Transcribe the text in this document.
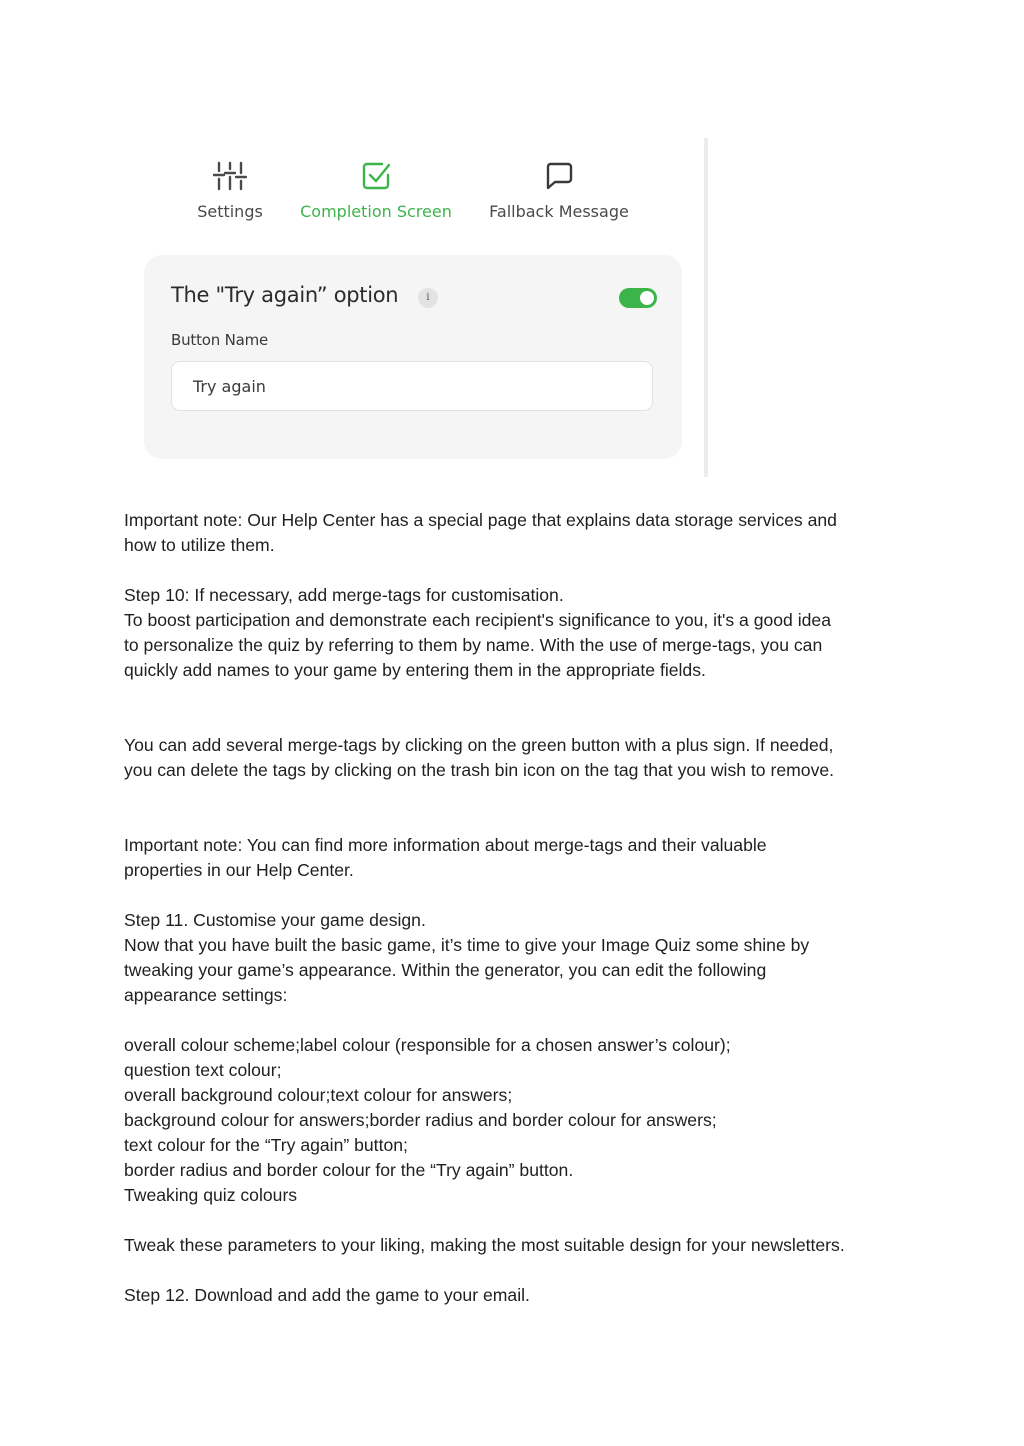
Settings	Completion Screen	Fallback Message
The "Try again” option	i
Button Name
Try again

Important note: Our Help Center has a special page that explains data storage services and

how to utilize them.

Step 10: If necessary, add merge-tags for customisation.

To boost participation and demonstrate each recipient's significance to you, it's a good idea

to personalize the quiz by referring to them by name. With the use of merge-tags, you can

quickly add names to your game by entering them in the appropriate fields.

You can add several merge-tags by clicking on the green button with a plus sign. If needed,

you can delete the tags by clicking on the trash bin icon on the tag that you wish to remove.

Important note: You can find more information about merge-tags and their valuable

properties in our Help Center.

Step 11. Customise your game design.

Now that you have built the basic game, it’s time to give your Image Quiz some shine by

tweaking your game’s appearance. Within the generator, you can edit the following

appearance settings:

overall colour scheme;label colour (responsible for a chosen answer’s colour);

question text colour;

overall background colour;text colour for answers;

background colour for answers;border radius and border colour for answers;

text colour for the “Try again” button;

border radius and border colour for the “Try again” button.

Tweaking quiz colours

Tweak these parameters to your liking, making the most suitable design for your newsletters.

Step 12. Download and add the game to your email.
